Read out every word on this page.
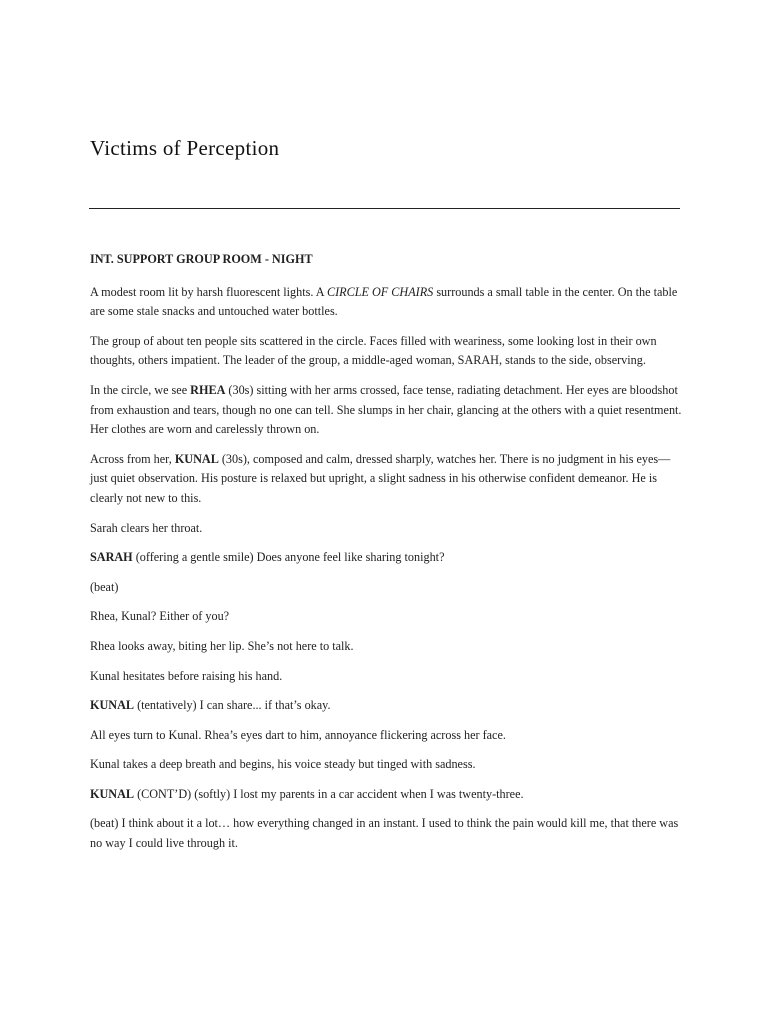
Victims of Perception

INT. SUPPORT GROUP ROOM - NIGHT

A modest room lit by harsh fluorescent lights. A CIRCLE OF CHAIRS surrounds a small table in the center. On the table are some stale snacks and untouched water bottles.

The group of about ten people sits scattered in the circle. Faces filled with weariness, some looking lost in their own thoughts, others impatient. The leader of the group, a middle-aged woman, SARAH, stands to the side, observing.

In the circle, we see RHEA (30s) sitting with her arms crossed, face tense, radiating detachment. Her eyes are bloodshot from exhaustion and tears, though no one can tell. She slumps in her chair, glancing at the others with a quiet resentment. Her clothes are worn and carelessly thrown on.

Across from her, KUNAL (30s), composed and calm, dressed sharply, watches her. There is no judgment in his eyes—just quiet observation. His posture is relaxed but upright, a slight sadness in his otherwise confident demeanor. He is clearly not new to this.

Sarah clears her throat.

SARAH (offering a gentle smile) Does anyone feel like sharing tonight?

(beat)

Rhea, Kunal? Either of you?

Rhea looks away, biting her lip. She’s not here to talk.

Kunal hesitates before raising his hand.

KUNAL (tentatively) I can share... if that’s okay.

All eyes turn to Kunal. Rhea’s eyes dart to him, annoyance flickering across her face.

Kunal takes a deep breath and begins, his voice steady but tinged with sadness.

KUNAL (CONT’D) (softly) I lost my parents in a car accident when I was twenty-three.

(beat) I think about it a lot… how everything changed in an instant. I used to think the pain would kill me, that there was no way I could live through it.
